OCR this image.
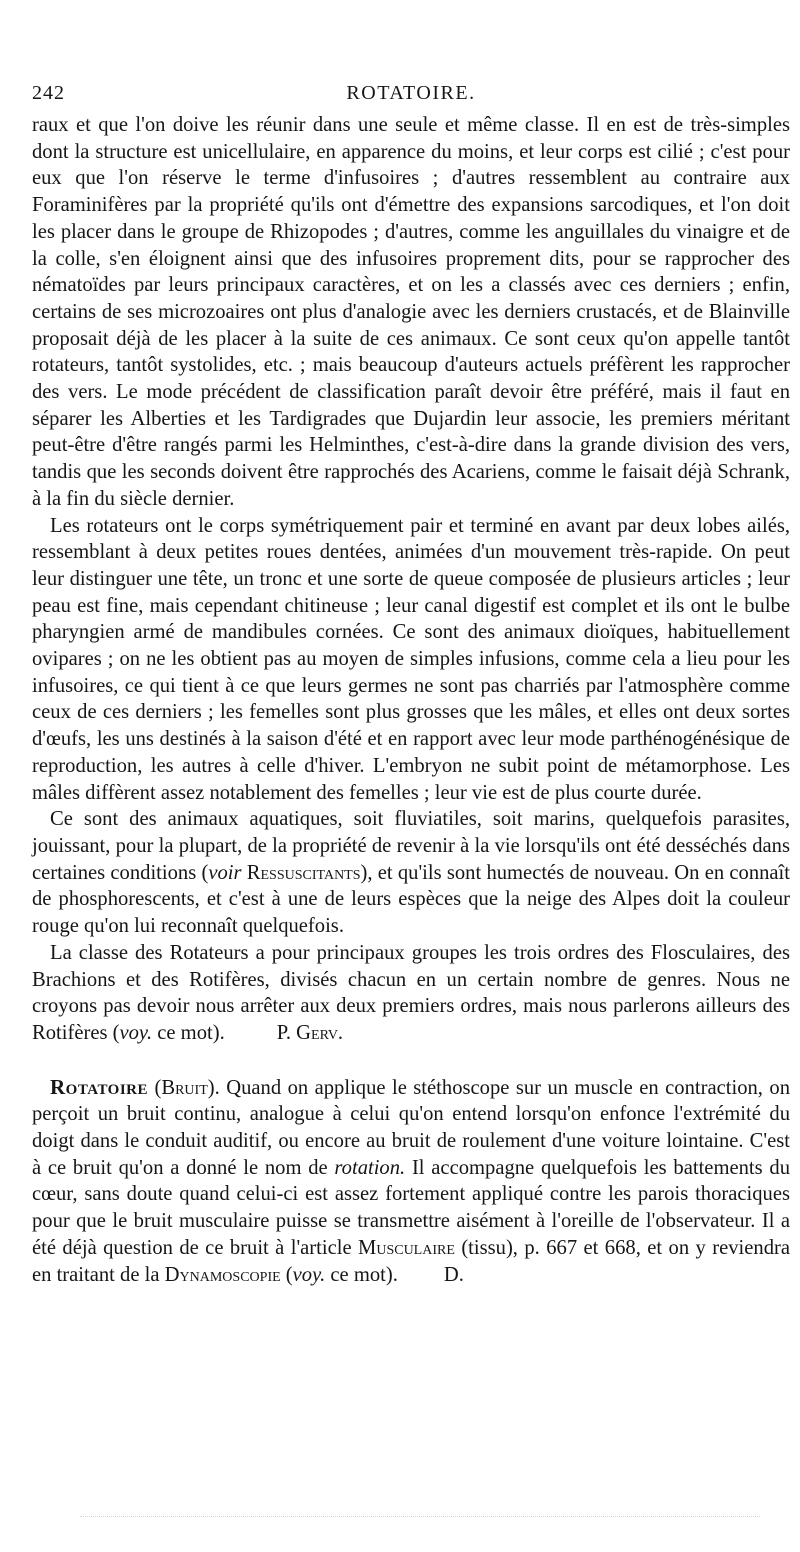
242	ROTATOIRE.

raux et que l'on doive les réunir dans une seule et même classe. Il en est de très-simples dont la structure est unicellulaire, en apparence du moins, et leur corps est cilié ; c'est pour eux que l'on réserve le terme d'infusoires ; d'autres ressemblent au contraire aux Foraminifères par la propriété qu'ils ont d'émettre des expansions sarcodiques, et l'on doit les placer dans le groupe de Rhizopodes ; d'autres, comme les anguillales du vinaigre et de la colle, s'en éloignent ainsi que des infusoires proprement dits, pour se rapprocher des nématoïdes par leurs principaux caractères, et on les a classés avec ces derniers ; enfin, certains de ses microzoaires ont plus d'analogie avec les derniers crustacés, et de Blainville proposait déjà de les placer à la suite de ces animaux. Ce sont ceux qu'on appelle tantôt rotateurs, tantôt systolides, etc. ; mais beaucoup d'auteurs actuels préfèrent les rapprocher des vers. Le mode précédent de classification paraît devoir être préféré, mais il faut en séparer les Alberties et les Tardigrades que Dujardin leur associe, les premiers méritant peut-être d'être rangés parmi les Helminthes, c'est-à-dire dans la grande division des vers, tandis que les seconds doivent être rapprochés des Acariens, comme le faisait déjà Schrank, à la fin du siècle dernier.

Les rotateurs ont le corps symétriquement pair et terminé en avant par deux lobes ailés, ressemblant à deux petites roues dentées, animées d'un mouvement très-rapide. On peut leur distinguer une tête, un tronc et une sorte de queue composée de plusieurs articles ; leur peau est fine, mais cependant chitineuse ; leur canal digestif est complet et ils ont le bulbe pharyngien armé de mandibules cornées. Ce sont des animaux dioïques, habituellement ovipares ; on ne les obtient pas au moyen de simples infusions, comme cela a lieu pour les infusoires, ce qui tient à ce que leurs germes ne sont pas charriés par l'atmosphère comme ceux de ces derniers ; les femelles sont plus grosses que les mâles, et elles ont deux sortes d'œufs, les uns destinés à la saison d'été et en rapport avec leur mode parthénogénésique de reproduction, les autres à celle d'hiver. L'embryon ne subit point de métamorphose. Les mâles diffèrent assez notablement des femelles ; leur vie est de plus courte durée.

Ce sont des animaux aquatiques, soit fluviatiles, soit marins, quelquefois parasites, jouissant, pour la plupart, de la propriété de revenir à la vie lorsqu'ils ont été desséchés dans certaines conditions (voir Ressuscitants), et qu'ils sont humectés de nouveau. On en connaît de phosphorescents, et c'est à une de leurs espèces que la neige des Alpes doit la couleur rouge qu'on lui reconnaît quelquefois.

La classe des Rotateurs a pour principaux groupes les trois ordres des Flosculaires, des Brachions et des Rotifères, divisés chacun en un certain nombre de genres. Nous ne croyons pas devoir nous arrêter aux deux premiers ordres, mais nous parlerons ailleurs des Rotifères (voy. ce mot).	P. Gerv.

Rotatoire (Bruit). Quand on applique le stéthoscope sur un muscle en contraction, on perçoit un bruit continu, analogue à celui qu'on entend lorsqu'on enfonce l'extrémité du doigt dans le conduit auditif, ou encore au bruit de roulement d'une voiture lointaine. C'est à ce bruit qu'on a donné le nom de rotation. Il accompagne quelquefois les battements du cœur, sans doute quand celui-ci est assez fortement appliqué contre les parois thoraciques pour que le bruit musculaire puisse se transmettre aisément à l'oreille de l'observateur. Il a été déjà question de ce bruit à l'article Musculaire (tissu), p. 667 et 668, et on y reviendra en traitant de la Dynamoscopie (voy. ce mot). D.
